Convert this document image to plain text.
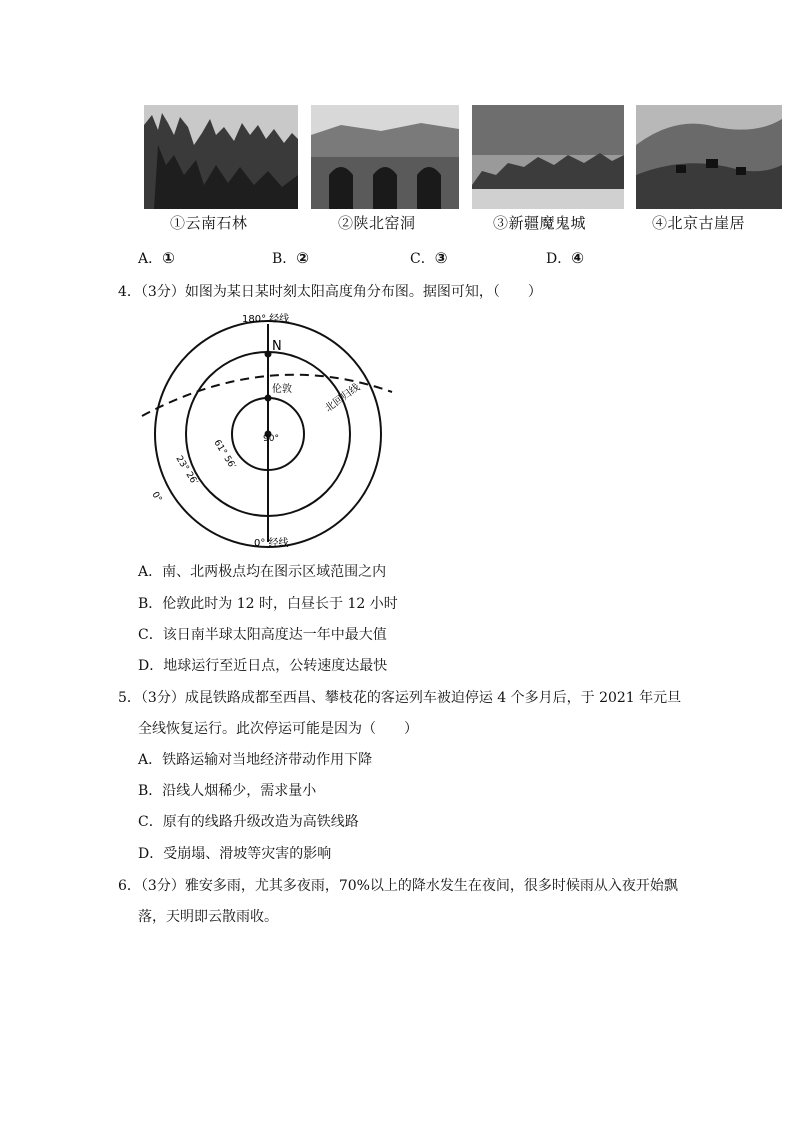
①云南石林	②陕北窑洞	③新疆魔鬼城	④北京古崖居
A．①	B．②	C．③	D．④
4．（3分）如图为某日某时刻太阳高度角分布图。据图可知，（　　）
180° 经线
N
伦敦	北回归线
90°
61° 56′
23° 26′
0°
0° 经线
A．南、北两极点均在图示区域范围之内
B．伦敦此时为 12 时，白昼长于 12 小时
C．该日南半球太阳高度达一年中最大值
D．地球运行至近日点，公转速度达最快
5．（3分）成昆铁路成都至西昌、攀枝花的客运列车被迫停运 4 个多月后，于 2021 年元旦
全线恢复运行。此次停运可能是因为（　　）
A．铁路运输对当地经济带动作用下降
B．沿线人烟稀少，需求量小
C．原有的线路升级改造为高铁线路
D．受崩塌、滑坡等灾害的影响
6．（3分）雅安多雨，尤其多夜雨，70%以上的降水发生在夜间，很多时候雨从入夜开始飘
落，天明即云散雨收。
